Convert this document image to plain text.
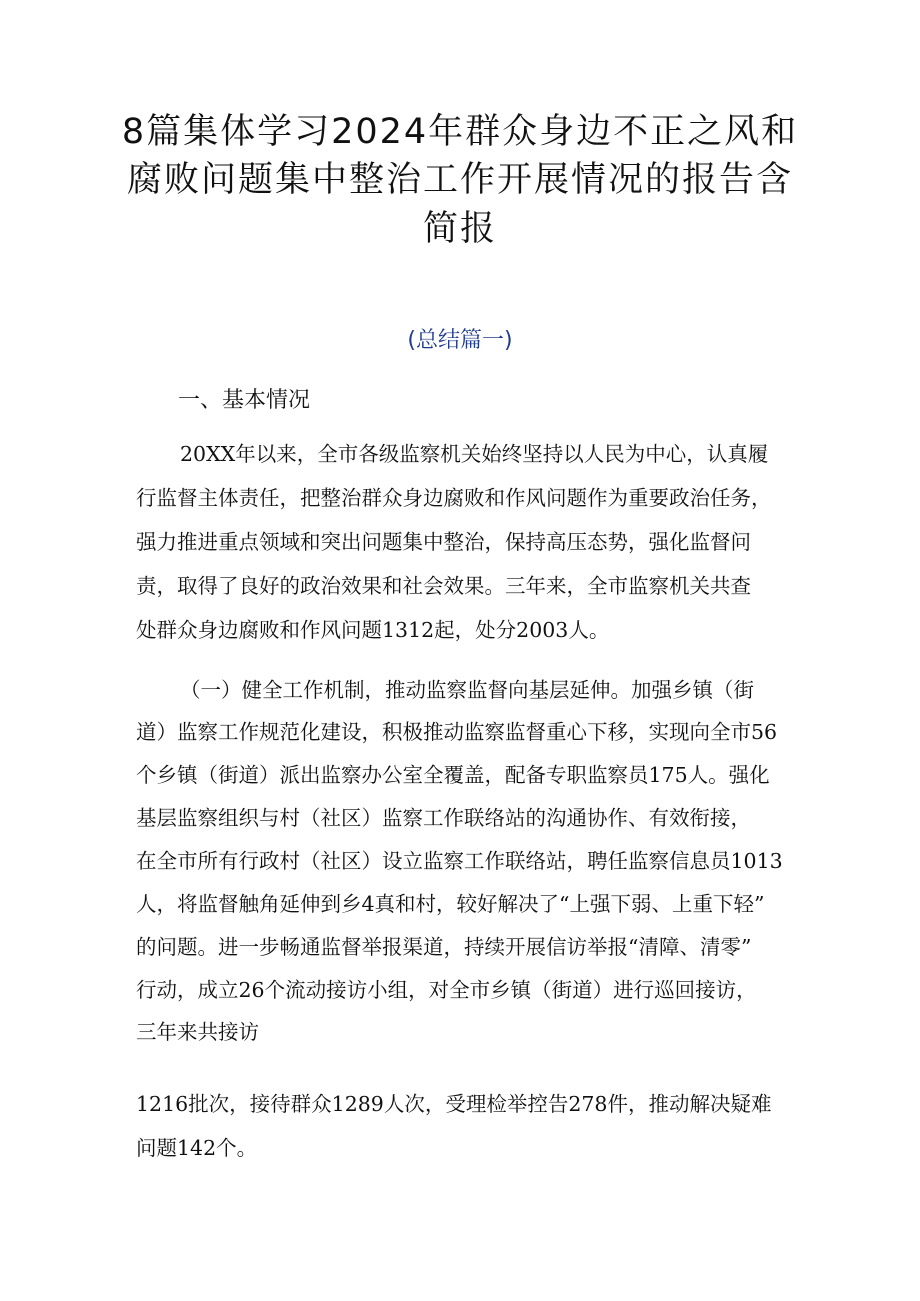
8篇集体学习2024年群众身边不正之风和
腐败问题集中整治工作开展情况的报告含
简报
(总结篇一)
一、基本情况
20XX年以来，全市各级监察机关始终坚持以人民为中心，认真履
行监督主体责任，把整治群众身边腐败和作风问题作为重要政治任务，
强力推进重点领域和突出问题集中整治，保持高压态势，强化监督问
责，取得了良好的政治效果和社会效果。三年来，全市监察机关共查
处群众身边腐败和作风问题1312起，处分2003人。
（一）健全工作机制，推动监察监督向基层延伸。加强乡镇（街
道）监察工作规范化建设，积极推动监察监督重心下移，实现向全市56
个乡镇（街道）派出监察办公室全覆盖，配备专职监察员175人。强化
基层监察组织与村（社区）监察工作联络站的沟通协作、有效衔接，
在全市所有行政村（社区）设立监察工作联络站，聘任监察信息员1013
人，将监督触角延伸到乡4真和村，较好解决了“上强下弱、上重下轻”
的问题。进一步畅通监督举报渠道，持续开展信访举报“清障、清零”
行动，成立26个流动接访小组，对全市乡镇（街道）进行巡回接访，
三年来共接访
1216批次，接待群众1289人次，受理检举控告278件，推动解决疑难
问题142个。
